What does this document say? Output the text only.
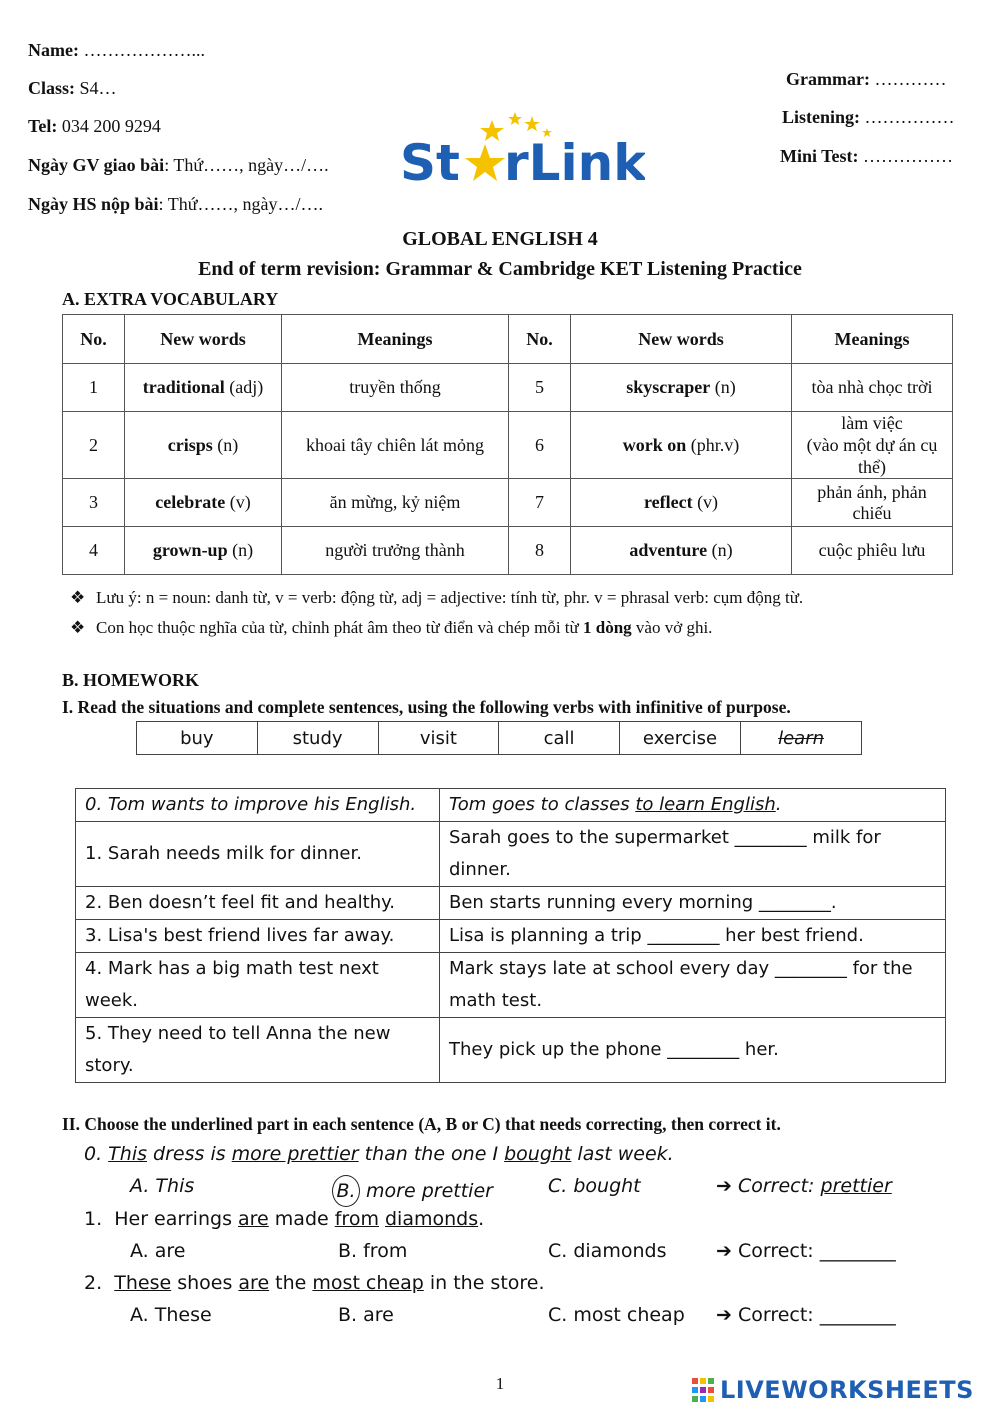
Name: ………………...
Class: S4…
Tel: 034 200 9294
Ngày GV giao bài: Thứ……, ngày…/….
Ngày HS nộp bài: Thứ……, ngày…/….
Grammar: …………
Listening: ……………
Mini Test: ……………
St rLink
GLOBAL ENGLISH 4
End of term revision: Grammar & Cambridge KET Listening Practice
A. EXTRA VOCABULARY
No.	New words	Meanings	No.	New words	Meanings
1	traditional (adj)	truyền thống	5	skyscraper (n)	tòa nhà chọc trời
2	crisps (n)	khoai tây chiên lát mỏng	6	work on (phr.v)	làm việc
(vào một dự án cụ thể)
3	celebrate (v)	ăn mừng, kỷ niệm	7	reflect (v)	phản ánh, phản chiếu
4	grown-up (n)	người trưởng thành	8	adventure (n)	cuộc phiêu lưu
❖ Lưu ý: n = noun: danh từ, v = verb: động từ, adj = adjective: tính từ, phr. v = phrasal verb: cụm động từ.
❖ Con học thuộc nghĩa của từ, chỉnh phát âm theo từ điển và chép mỗi từ 1 dòng vào vở ghi.
B. HOMEWORK
I. Read the situations and complete sentences, using the following verbs with infinitive of purpose.
buy	study	visit	call	exercise	learn
0. Tom wants to improve his English.	Tom goes to classes to learn English.
1. Sarah needs milk for dinner.	Sarah goes to the supermarket ________ milk for dinner.
2. Ben doesn’t feel fit and healthy.	Ben starts running every morning ________.
3. Lisa's best friend lives far away.	Lisa is planning a trip ________ her best friend.
4. Mark has a big math test next week.	Mark stays late at school every day ________ for the math test.
5. They need to tell Anna the new story.	They pick up the phone ________ her.
II. Choose the underlined part in each sentence (A, B or C) that needs correcting, then correct it.
0. This dress is more prettier than the one I bought last week.
A. This	B. more prettier	C. bought	➔ Correct: prettier
1. Her earrings are made from diamonds.
A. are	B. from	C. diamonds	➔ Correct: ________
2. These shoes are the most cheap in the store.
A. These	B. are	C. most cheap ➔ Correct: ________
1	LIVEWORKSHEETS
